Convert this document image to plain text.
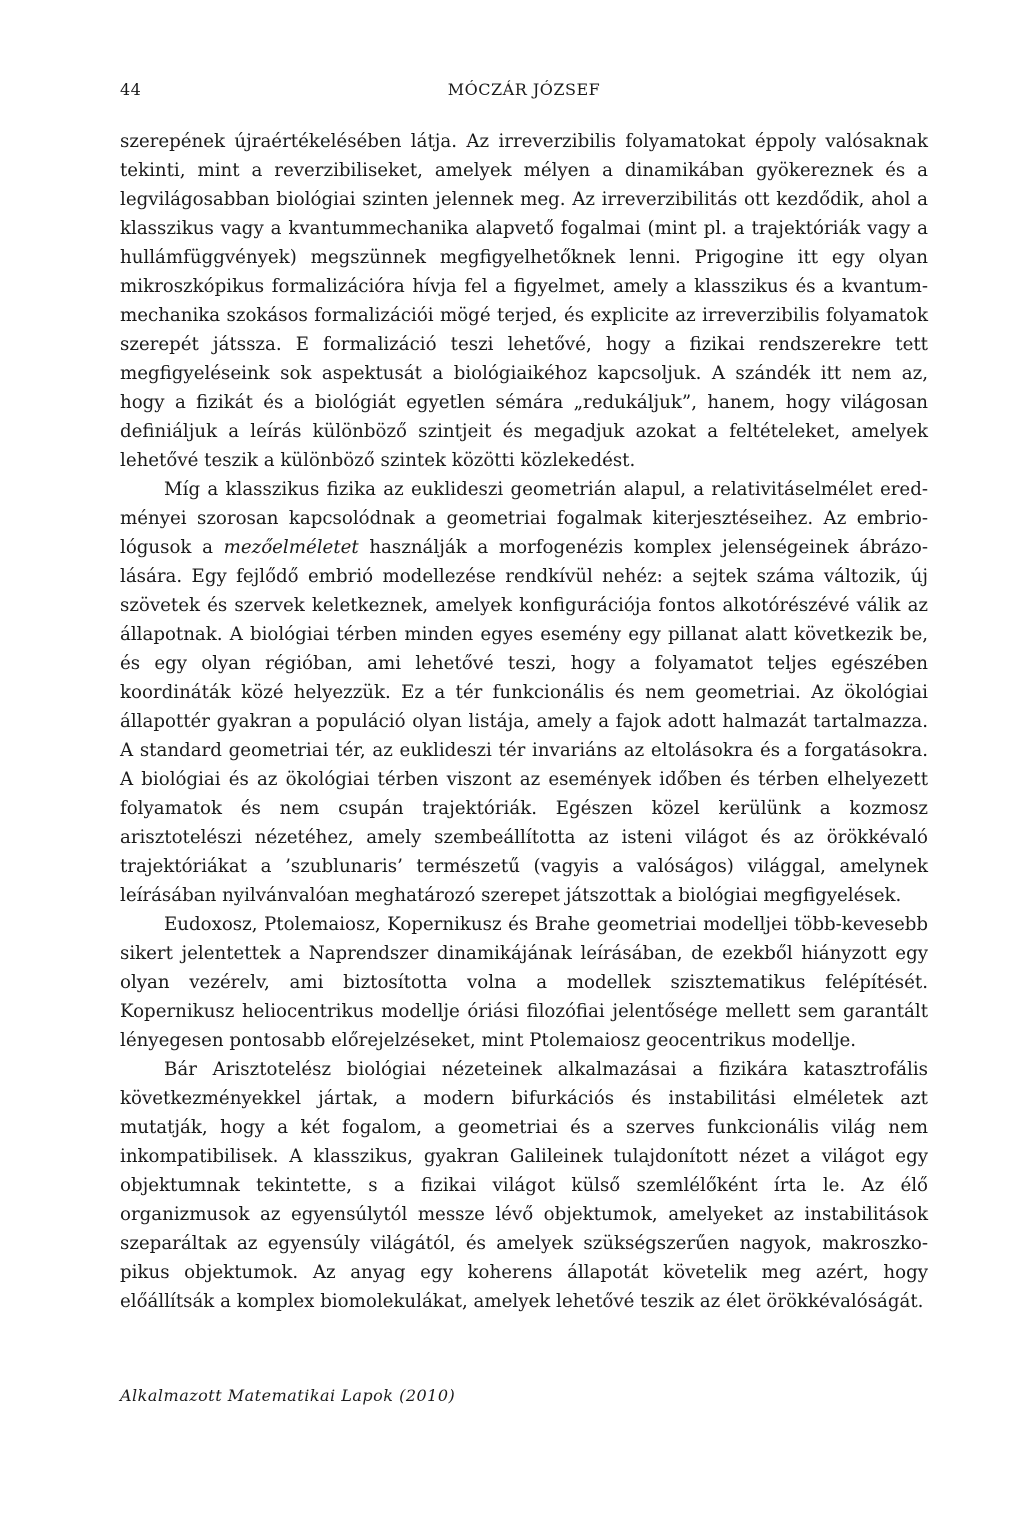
44	MÓCZÁR JÓZSEF

szerepének újraértékelésében látja. Az irreverzibilis folyamatokat éppoly valósaknak tekinti, mint a reverzibiliseket, amelyek mélyen a dinamikában gyökereznek és a legvilágosabban biológiai szinten jelennek meg. Az irreverzibilitás ott kezdődik, ahol a klasszikus vagy a kvantummechanika alapvető fogalmai (mint pl. a trajektóriák vagy a hullámfüggvények) megszünnek megfigyelhetőknek lenni. Prigogine itt egy olyan mikroszkópikus formalizációra hívja fel a figyelmet, amely a klasszikus és a kvantum-mechanika szokásos formalizációi mögé terjed, és explicite az irreverzibilis folyamatok szerepét játssza. E formalizáció teszi lehetővé, hogy a fizikai rendszerekre tett megfigyeléseink sok aspektusát a biológiaikéhoz kapcsoljuk. A szándék itt nem az, hogy a fizikát és a biológiát egyetlen sémára „redukáljuk”, hanem, hogy világosan definiáljuk a leírás különböző szintjeit és megadjuk azokat a feltételeket, amelyek lehetővé teszik a különböző szintek közötti közlekedést.

Míg a klasszikus fizika az euklideszi geometrián alapul, a relativitáselmélet eredményei szorosan kapcsolódnak a geometriai fogalmak kiterjesztéseihez. Az embriológusok a mezőelméletet használják a morfogenézis komplex jelenségeinek ábrázolására. Egy fejlődő embrió modellezése rendkívül nehéz: a sejtek száma változik, új szövetek és szervek keletkeznek, amelyek konfigurációja fontos alkotórészévé válik az állapotnak. A biológiai térben minden egyes esemény egy pillanat alatt következik be, és egy olyan régióban, ami lehetővé teszi, hogy a folyamatot teljes egészében koordináták közé helyezzük. Ez a tér funkcionális és nem geometriai. Az ökológiai állapottér gyakran a populáció olyan listája, amely a fajok adott halmazát tartalmazza. A standard geometriai tér, az euklideszi tér invariáns az eltolásokra és a forgatásokra. A biológiai és az ökológiai térben viszont az események időben és térben elhelyezett folyamatok és nem csupán trajektóriák. Egészen közel kerülünk a kozmosz arisztotelészi nézetéhez, amely szembeállította az isteni világot és az örökkévaló trajektóriákat a ’szublunaris’ természetű (vagyis a valóságos) világgal, amelynek leírásában nyilvánvalóan meghatározó szerepet játszottak a biológiai megfigyelések.

Eudoxosz, Ptolemaiosz, Kopernikusz és Brahe geometriai modelljei több-kevesebb sikert jelentettek a Naprendszer dinamikájának leírásában, de ezekből hiányzott egy olyan vezérelv, ami biztosította volna a modellek szisztematikus felépítését. Kopernikusz heliocentrikus modellje óriási filozófiai jelentősége mellett sem garantált lényegesen pontosabb előrejelzéseket, mint Ptolemaiosz geocentrikus modellje.

Bár Arisztotelész biológiai nézeteinek alkalmazásai a fizikára katasztrofális következményekkel jártak, a modern bifurkációs és instabilitási elméletek azt mutatják, hogy a két fogalom, a geometriai és a szerves funkcionális világ nem inkompatibilisek. A klasszikus, gyakran Galileinek tulajdonított nézet a világot egy objektumnak tekintette, s a fizikai világot külső szemlélőként írta le. Az élő organizmusok az egyensúlytól messze lévő objektumok, amelyeket az instabilitások szeparáltak az egyensúly világától, és amelyek szükségszerűen nagyok, makroszkopikus objektumok. Az anyag egy koherens állapotát követelik meg azért, hogy előállítsák a komplex biomolekulákat, amelyek lehetővé teszik az élet örökkévalóságát.

Alkalmazott Matematikai Lapok (2010)
